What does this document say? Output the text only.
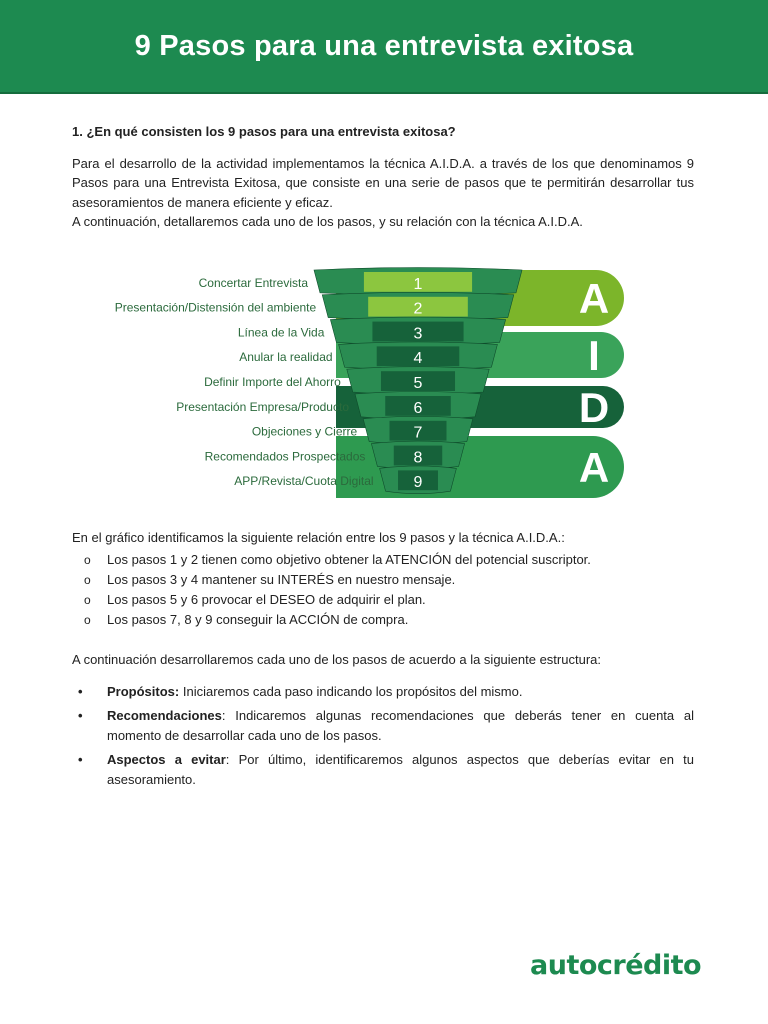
9 Pasos para una entrevista exitosa

1. ¿En qué consisten los 9 pasos para una entrevista exitosa?

Para el desarrollo de la actividad implementamos la técnica A.I.D.A. a través de los que denominamos 9 Pasos para una Entrevista Exitosa, que consiste en una serie de pasos que te permitirán desarrollar tus asesoramientos de manera eficiente y eficaz.

A continuación, detallaremos cada uno de los pasos, y su relación con la técnica A.I.D.A.

A
I
D
A
1
Concertar Entrevista
2
Presentación/Distensión del ambiente
3
Línea de la Vida
4
Anular la realidad
5
Definir Importe del Ahorro
6
Presentación Empresa/Producto
7
Objeciones y Cierre
8
Recomendados Prospectados
9
APP/Revista/Cuota Digital

En el gráfico identificamos la siguiente relación entre los 9 pasos y la técnica A.I.D.A.:

o Los pasos 1 y 2 tienen como objetivo obtener la ATENCIÓN del potencial suscriptor.
o Los pasos 3 y 4 mantener su INTERÉS en nuestro mensaje.
o Los pasos 5 y 6 provocar el DESEO de adquirir el plan.
o Los pasos 7, 8 y 9 conseguir la ACCIÓN de compra.

A continuación desarrollaremos cada uno de los pasos de acuerdo a la siguiente estructura:

• Propósitos: Iniciaremos cada paso indicando los propósitos del mismo.
• Recomendaciones: Indicaremos algunas recomendaciones que deberás tener en cuenta al momento de desarrollar cada uno de los pasos.
• Aspectos a evitar: Por último, identificaremos algunos aspectos que deberías evitar en tu asesoramiento.
autocrédito
